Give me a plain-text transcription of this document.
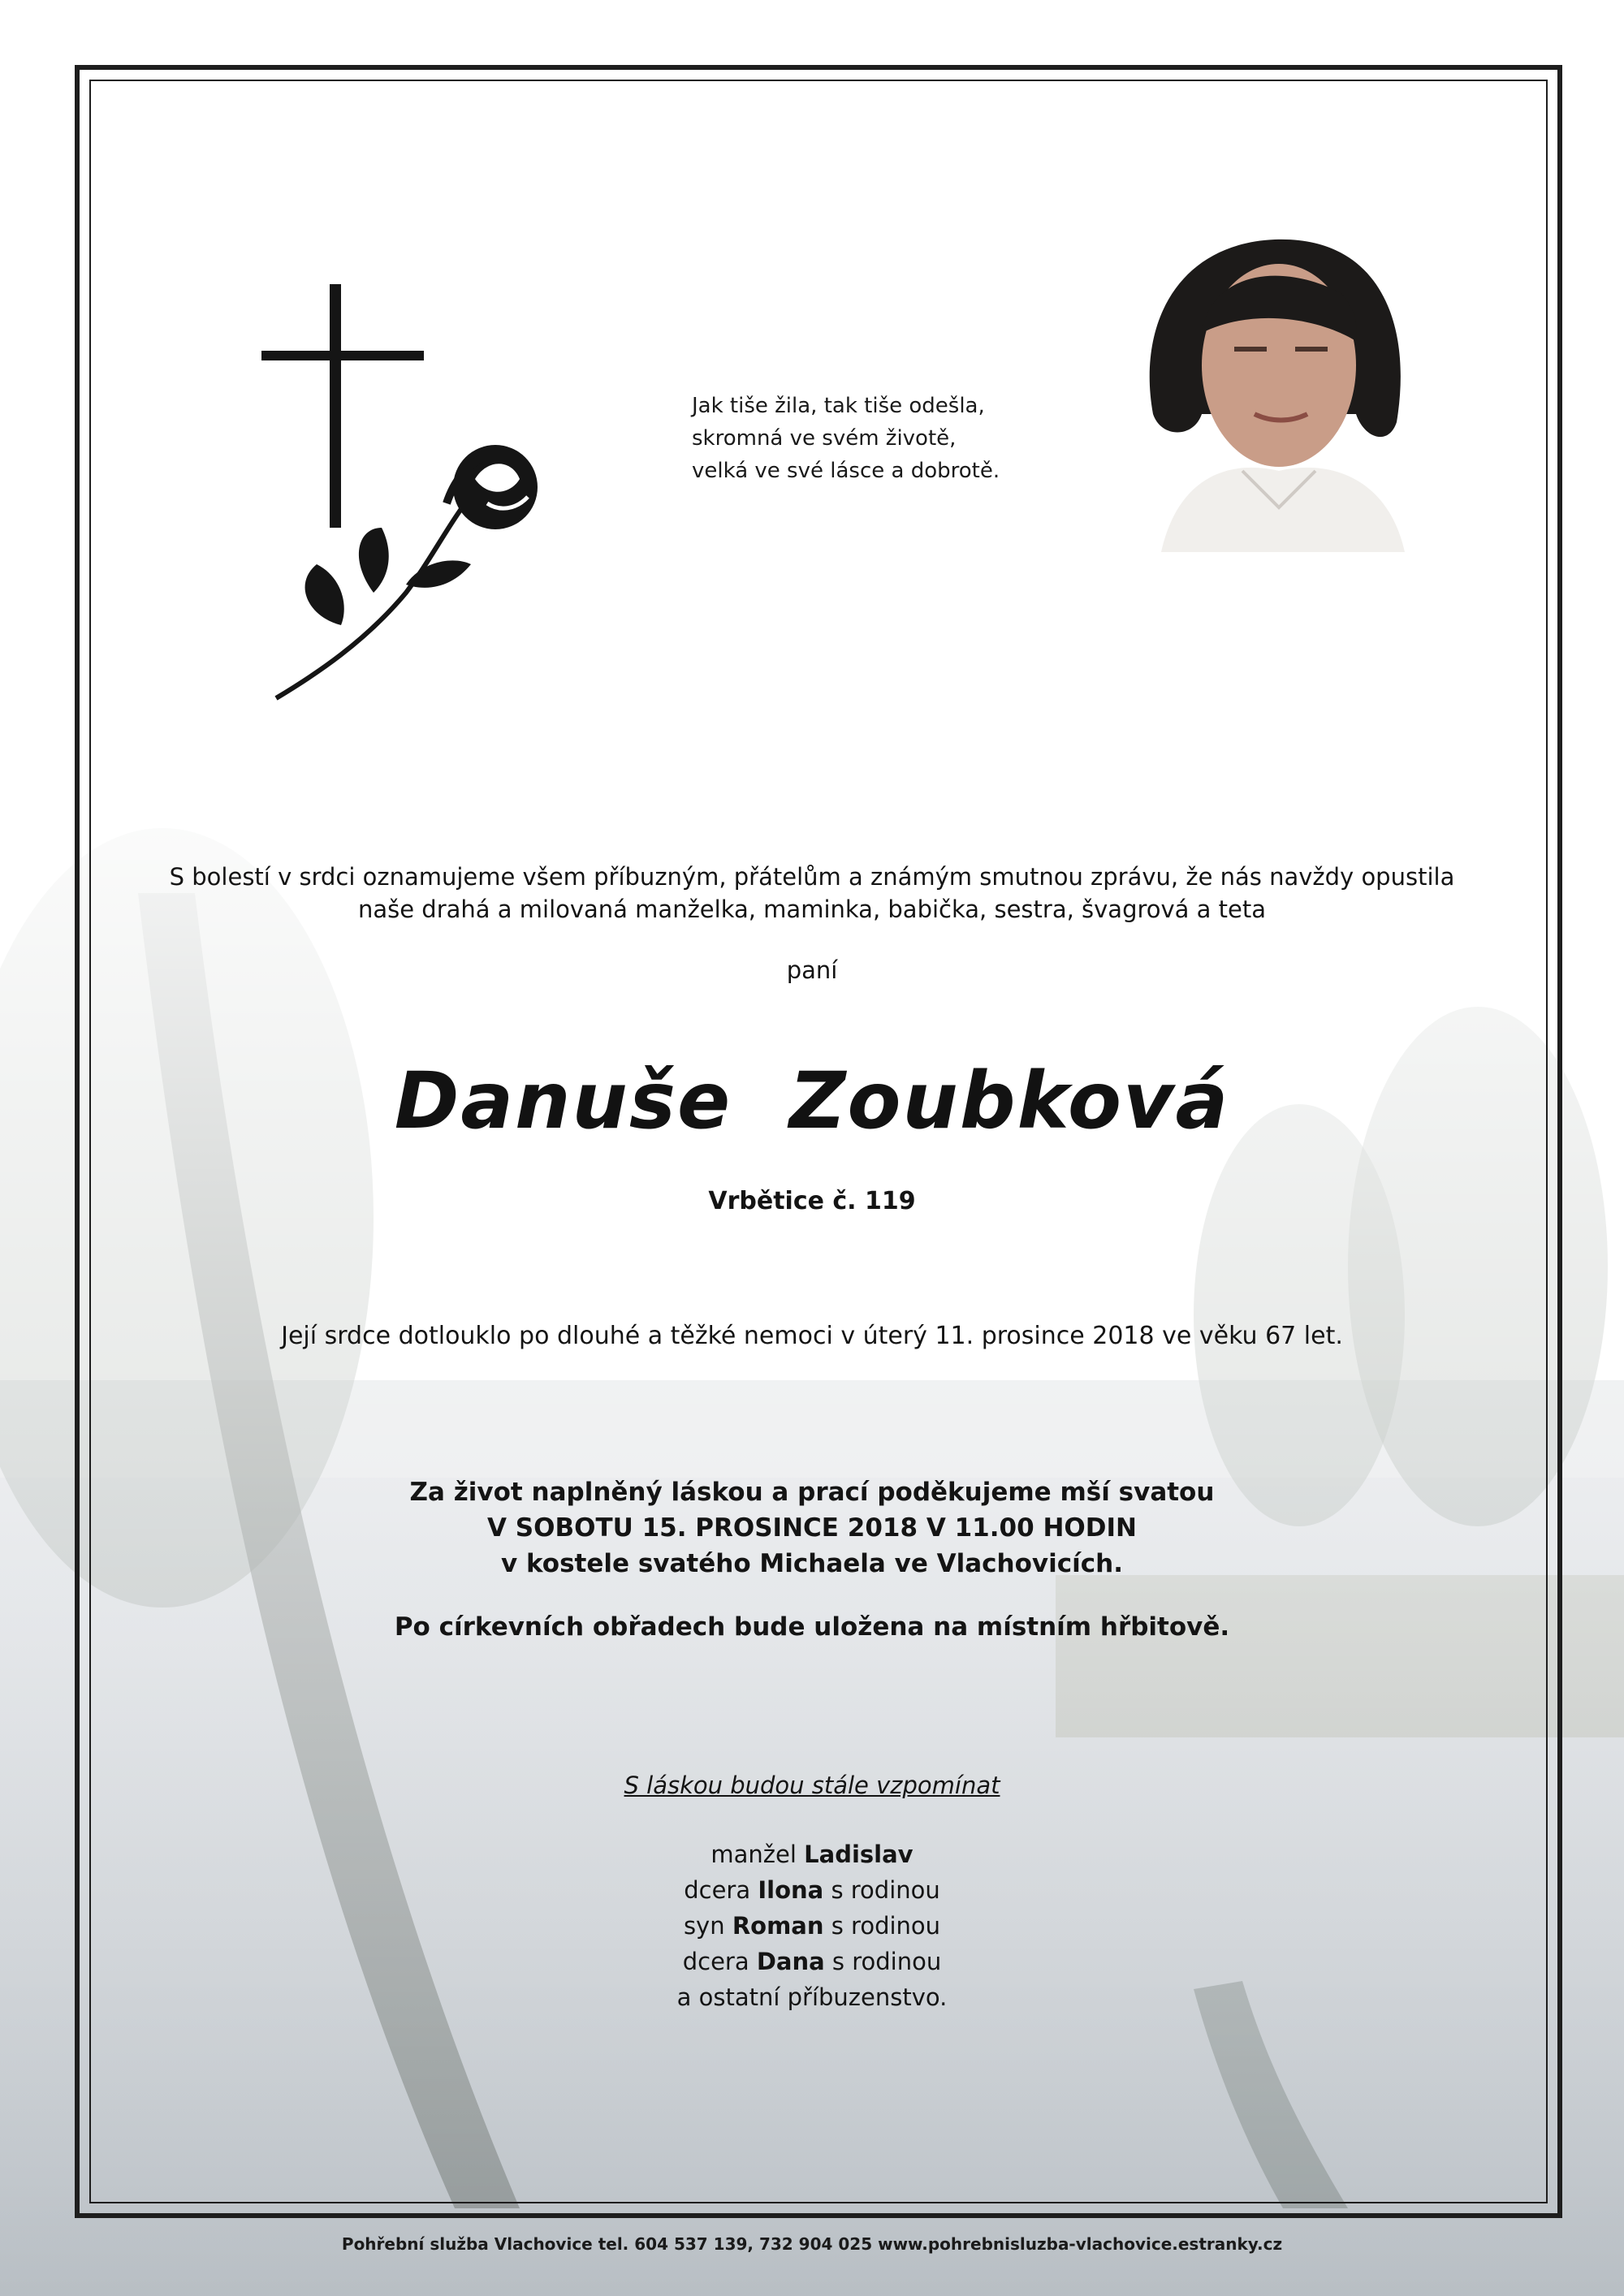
Jak tiše žila, tak tiše odešla,
skromná ve svém životě,
velká ve své lásce a dobrotě.
S bolestí v srdci oznamujeme všem příbuzným, přátelům a známým smutnou zprávu, že nás navždy opustila
naše drahá a milovaná manželka, maminka, babička, sestra, švagrová a teta
paní
Danuše  Zoubková
Vrbětice č. 119
Její srdce dotlouklo po dlouhé a těžké nemoci v úterý 11. prosince 2018 ve věku 67 let.
Za život naplněný láskou a prací poděkujeme mší svatou
V SOBOTU 15. PROSINCE 2018 V 11.00 HODIN
v kostele svatého Michaela ve Vlachovicích.
Po církevních obřadech bude uložena na místním hřbitově.
S láskou budou stále vzpomínat
manžel Ladislav
dcera Ilona s rodinou
syn Roman s rodinou
dcera Dana s rodinou
a ostatní příbuzenstvo.
Pohřební služba Vlachovice tel. 604 537 139, 732 904 025 www.pohrebnisluzba-vlachovice.estranky.cz
